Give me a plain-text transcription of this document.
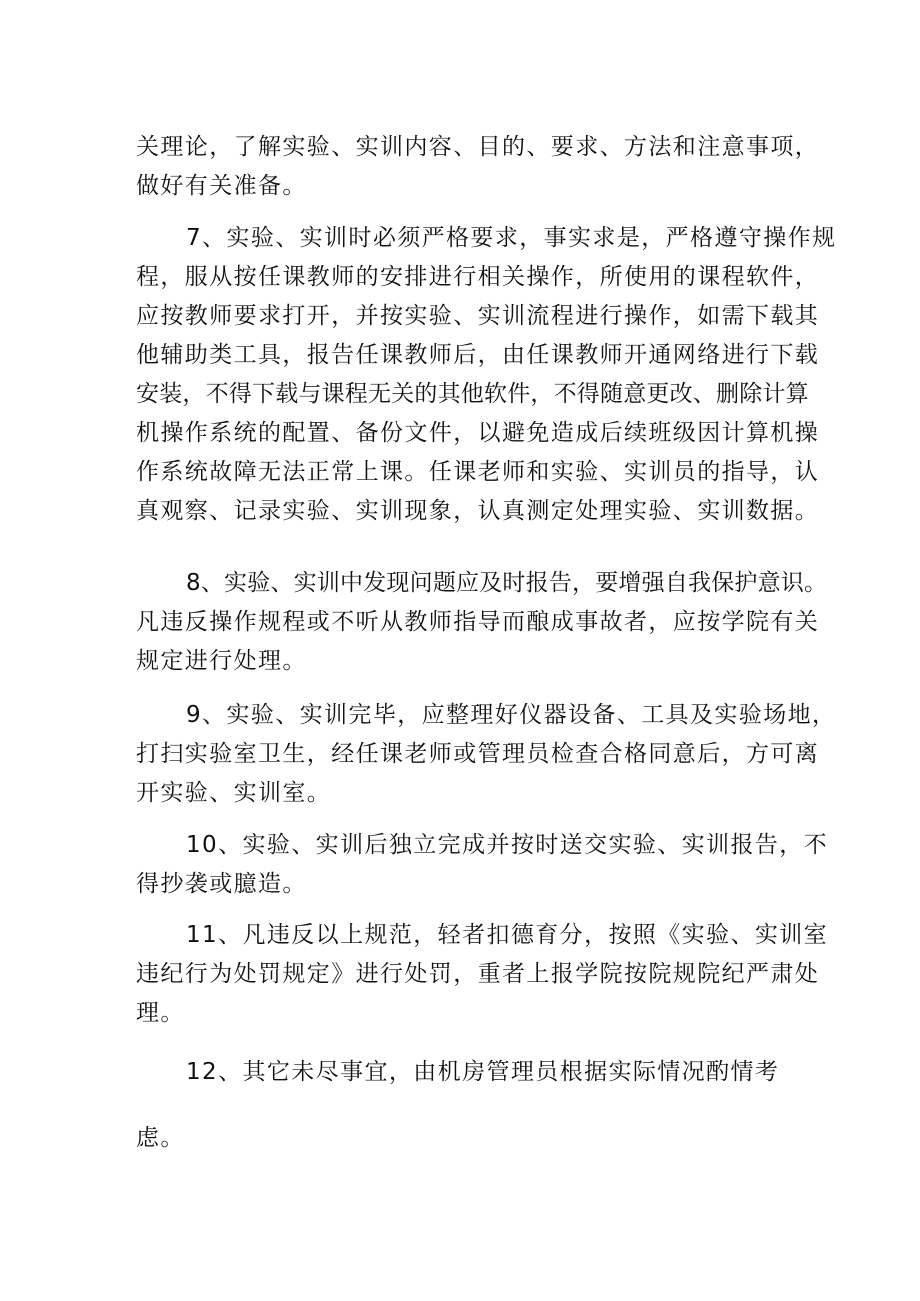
关理论，了解实验、实训内容、目的、要求、方法和注意事项，
做好有关准备。
7、实验、实训时必须严格要求，事实求是，严格遵守操作规
程，服从按任课教师的安排进行相关操作，所使用的课程软件，
应按教师要求打开，并按实验、实训流程进行操作，如需下载其
他辅助类工具，报告任课教师后，由任课教师开通网络进行下载
安装，不得下载与课程无关的其他软件，不得随意更改、删除计算
机操作系统的配置、备份文件，以避免造成后续班级因计算机操
作系统故障无法正常上课。任课老师和实验、实训员的指导，认
真观察、记录实验、实训现象，认真测定处理实验、实训数据。
8、实验、实训中发现问题应及时报告，要增强自我保护意识。
凡违反操作规程或不听从教师指导而酿成事故者，应按学院有关
规定进行处理。
9、实验、实训完毕，应整理好仪器设备、工具及实验场地，
打扫实验室卫生，经任课老师或管理员检查合格同意后，方可离
开实验、实训室。
10、实验、实训后独立完成并按时送交实验、实训报告，不
得抄袭或臆造。
11、凡违反以上规范，轻者扣德育分，按照《实验、实训室
违纪行为处罚规定》进行处罚，重者上报学院按院规院纪严肃处
理。
12、其它未尽事宜，由机房管理员根据实际情况酌情考
虑。
